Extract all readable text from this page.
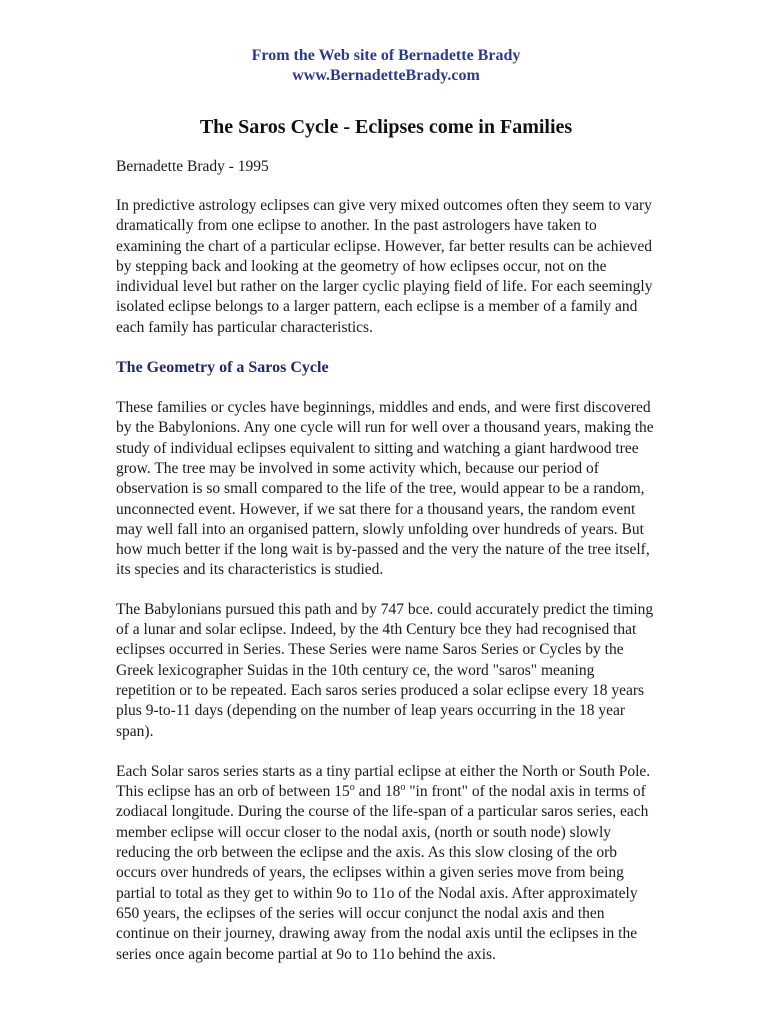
From the Web site of Bernadette Brady
www.BernadetteBrady.com
The Saros Cycle - Eclipses come in Families
Bernadette Brady - 1995

In predictive astrology eclipses can give very mixed outcomes often they seem to vary dramatically from one eclipse to another. In the past astrologers have taken to examining the chart of a particular eclipse. However, far better results can be achieved by stepping back and looking at the geometry of how eclipses occur, not on the individual level but rather on the larger cyclic playing field of life. For each seemingly isolated eclipse belongs to a larger pattern, each eclipse is a member of a family and each family has particular characteristics.

The Geometry of a Saros Cycle

These families or cycles have beginnings, middles and ends, and were first discovered by the Babylonions. Any one cycle will run for well over a thousand years, making the study of individual eclipses equivalent to sitting and watching a giant hardwood tree grow. The tree may be involved in some activity which, because our period of observation is so small compared to the life of the tree, would appear to be a random, unconnected event. However, if we sat there for a thousand years, the random event may well fall into an organised pattern, slowly unfolding over hundreds of years. But how much better if the long wait is by-passed and the very the nature of the tree itself, its species and its characteristics is studied.

The Babylonians pursued this path and by 747 bce. could accurately predict the timing of a lunar and solar eclipse. Indeed, by the 4th Century bce they had recognised that eclipses occurred in Series. These Series were name Saros Series or Cycles by the Greek lexicographer Suidas in the 10th century ce, the word "saros" meaning repetition or to be repeated. Each saros series produced a solar eclipse every 18 years plus 9-to-11 days (depending on the number of leap years occurring in the 18 year span).

Each Solar saros series starts as a tiny partial eclipse at either the North or South Pole. This eclipse has an orb of between 15$^o$ and 18$^o$ "in front" of the nodal axis in terms of zodiacal longitude. During the course of the life-span of a particular saros series, each member eclipse will occur closer to the nodal axis, (north or south node) slowly reducing the orb between the eclipse and the axis. As this slow closing of the orb occurs over hundreds of years, the eclipses within a given series move from being partial to total as they get to within 9o to 11o of the Nodal axis. After approximately 650 years, the eclipses of the series will occur conjunct the nodal axis and then continue on their journey, drawing away from the nodal axis until the eclipses in the series once again become partial at 9o to 11o behind the axis.
